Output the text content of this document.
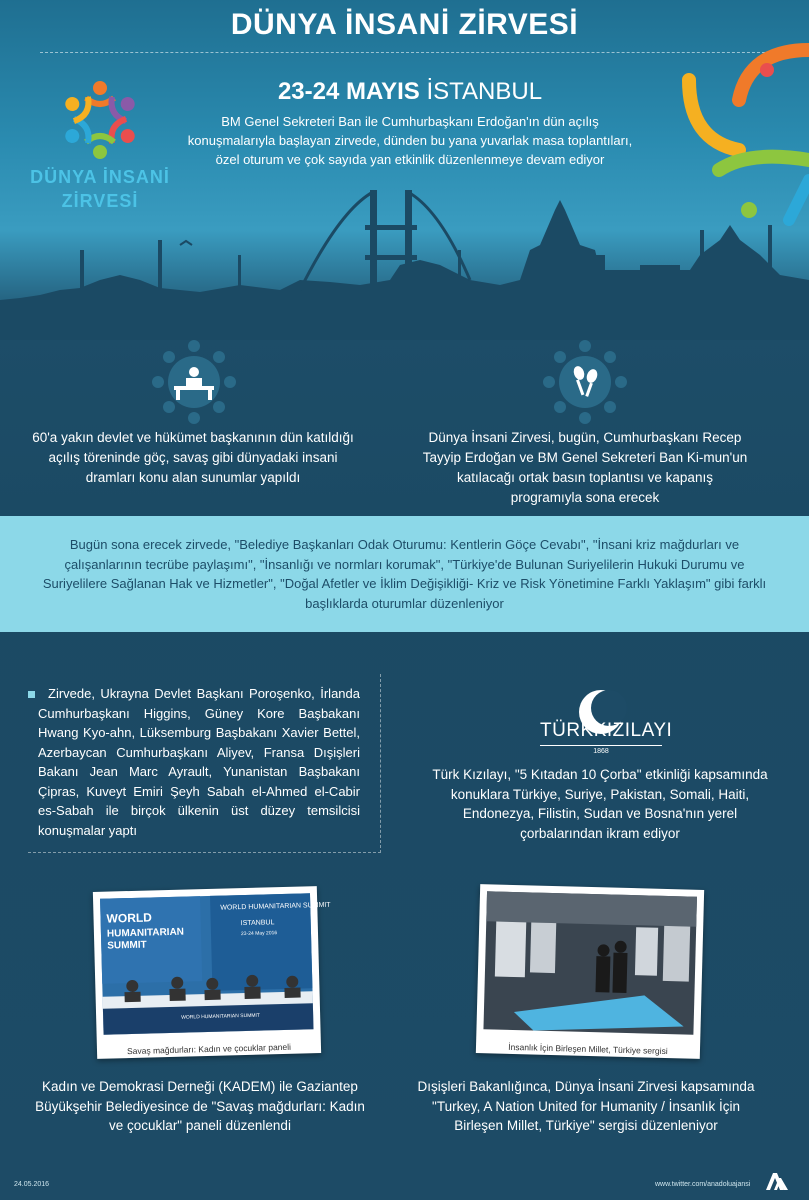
DÜNYA İNSANİ ZİRVESİ
DÜNYA İNSANİ
ZİRVESİ
23-24 MAYIS İSTANBUL
BM Genel Sekreteri Ban ile Cumhurbaşkanı Erdoğan'ın dün açılış konuşmalarıyla başlayan zirvede, dünden bu yana yuvarlak masa toplantıları, özel oturum ve çok sayıda yan etkinlik düzenlenmeye devam ediyor
60'a yakın devlet ve hükümet başkanının dün katıldığı açılış töreninde göç, savaş gibi dünyadaki insani dramları konu alan sunumlar yapıldı
Dünya İnsani Zirvesi, bugün, Cumhurbaşkanı Recep Tayyip Erdoğan ve BM Genel Sekreteri Ban Ki-mun'un katılacağı ortak basın toplantısı ve kapanış programıyla sona erecek
Bugün sona erecek zirvede, "Belediye Başkanları Odak Oturumu: Kentlerin Göçe Cevabı", "İnsani kriz mağdurları ve çalışanlarının tecrübe paylaşımı", "İnsanlığı ve normları korumak", "Türkiye'de Bulunan Suriyelilerin Hukuki Durumu ve Suriyelilere Sağlanan Hak ve Hizmetler", "Doğal Afetler ve İklim Değişikliği- Kriz ve Risk Yönetimine Farklı Yaklaşım" gibi farklı başlıklarda oturumlar düzenleniyor
Zirvede, Ukrayna Devlet Başkanı Poroşenko, İrlanda Cumhurbaşkanı Higgins, Güney Kore Başbakanı Hwang Kyo-ahn, Lüksemburg Başbakanı Xavier Bettel, Azerbaycan Cumhurbaşkanı Aliyev, Fransa Dışişleri Bakanı Jean Marc Ayrault, Yunanistan Başbakanı Çipras, Kuveyt Emiri Şeyh Sabah el-Ahmed el-Cabir es-Sabah ile birçok ülkenin üst düzey temsilcisi konuşmalar yaptı
TÜRKKIZILAYI
1868
Türk Kızılayı, "5 Kıtadan 10 Çorba" etkinliği kapsamında konuklara Türkiye, Suriye, Pakistan, Somali, Haiti, Endonezya, Filistin, Sudan ve Bosna'nın yerel çorbalarından ikram ediyor
WORLD
HUMANITARIAN
SUMMIT
WORLD HUMANITARIAN SUMMIT
ISTANBUL
23-24 May 2016
WORLD HUMANITARIAN SUMMIT
Savaş mağdurları: Kadın ve çocuklar paneli	İnsanlık İçin Birleşen Millet, Türkiye sergisi
Kadın ve Demokrasi Derneği (KADEM) ile Gaziantep Büyükşehir Belediyesince de "Savaş mağdurları: Kadın ve çocuklar" paneli düzenlendi
Dışişleri Bakanlığınca, Dünya İnsani Zirvesi kapsamında "Turkey, A Nation United for Humanity / İnsanlık İçin Birleşen Millet, Türkiye" sergisi düzenleniyor
24.05.2016	www.twitter.com/anadoluajansi
